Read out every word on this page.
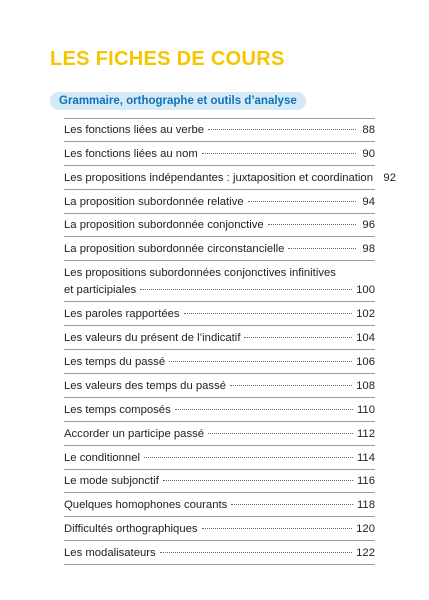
LES FICHES DE COURS
Grammaire, orthographe et outils d’analyse
Les fonctions liées au verbe	88
Les fonctions liées au nom	90
Les propositions indépendantes : juxtaposition et coordination 92
La proposition subordonnée relative	94
La proposition subordonnée conjonctive	96
La proposition subordonnée circonstancielle	98
Les propositions subordonnées conjonctives infinitives
et participiales	100
Les paroles rapportées	102
Les valeurs du présent de l’indicatif	104
Les temps du passé	106
Les valeurs des temps du passé	108
Les temps composés	110
Accorder un participe passé	112
Le conditionnel	114
Le mode subjonctif	116
Quelques homophones courants	118
Difficultés orthographiques	120
Les modalisateurs	122
